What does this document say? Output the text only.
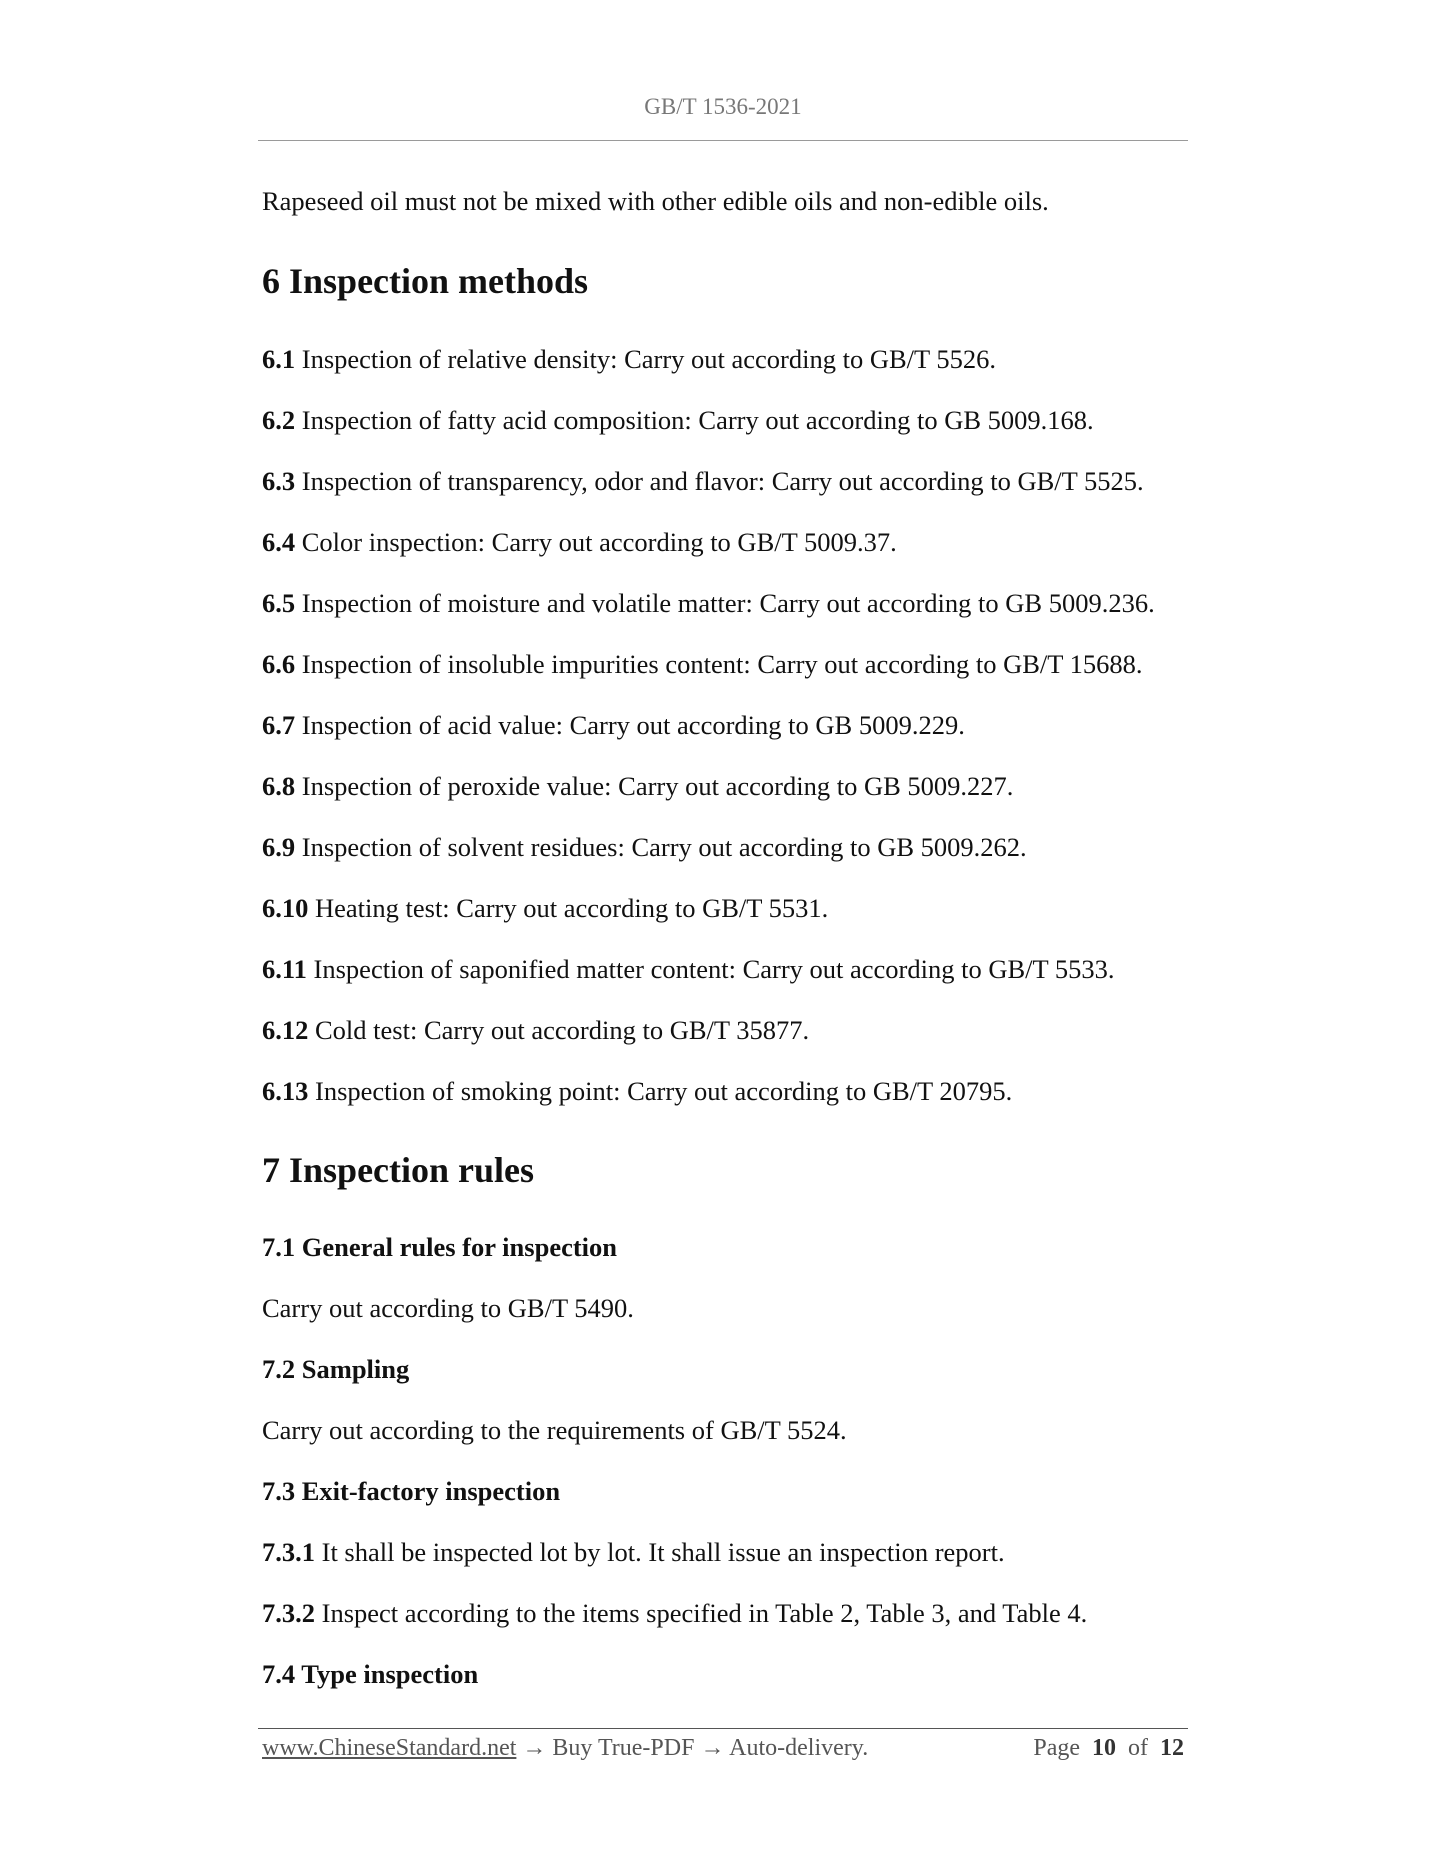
GB/T 1536-2021
Rapeseed oil must not be mixed with other edible oils and non-edible oils.
6 Inspection methods
6.1 Inspection of relative density: Carry out according to GB/T 5526.
6.2 Inspection of fatty acid composition: Carry out according to GB 5009.168.
6.3 Inspection of transparency, odor and flavor: Carry out according to GB/T 5525.
6.4 Color inspection: Carry out according to GB/T 5009.37.
6.5 Inspection of moisture and volatile matter: Carry out according to GB 5009.236.
6.6 Inspection of insoluble impurities content: Carry out according to GB/T 15688.
6.7 Inspection of acid value: Carry out according to GB 5009.229.
6.8 Inspection of peroxide value: Carry out according to GB 5009.227.
6.9 Inspection of solvent residues: Carry out according to GB 5009.262.
6.10 Heating test: Carry out according to GB/T 5531.
6.11 Inspection of saponified matter content: Carry out according to GB/T 5533.
6.12 Cold test: Carry out according to GB/T 35877.
6.13 Inspection of smoking point: Carry out according to GB/T 20795.
7 Inspection rules
7.1 General rules for inspection
Carry out according to GB/T 5490.
7.2 Sampling
Carry out according to the requirements of GB/T 5524.
7.3 Exit-factory inspection
7.3.1 It shall be inspected lot by lot. It shall issue an inspection report.
7.3.2 Inspect according to the items specified in Table 2, Table 3, and Table 4.
7.4 Type inspection
www.ChineseStandard.net → Buy True-PDF → Auto-delivery.	Page 10 of 12
